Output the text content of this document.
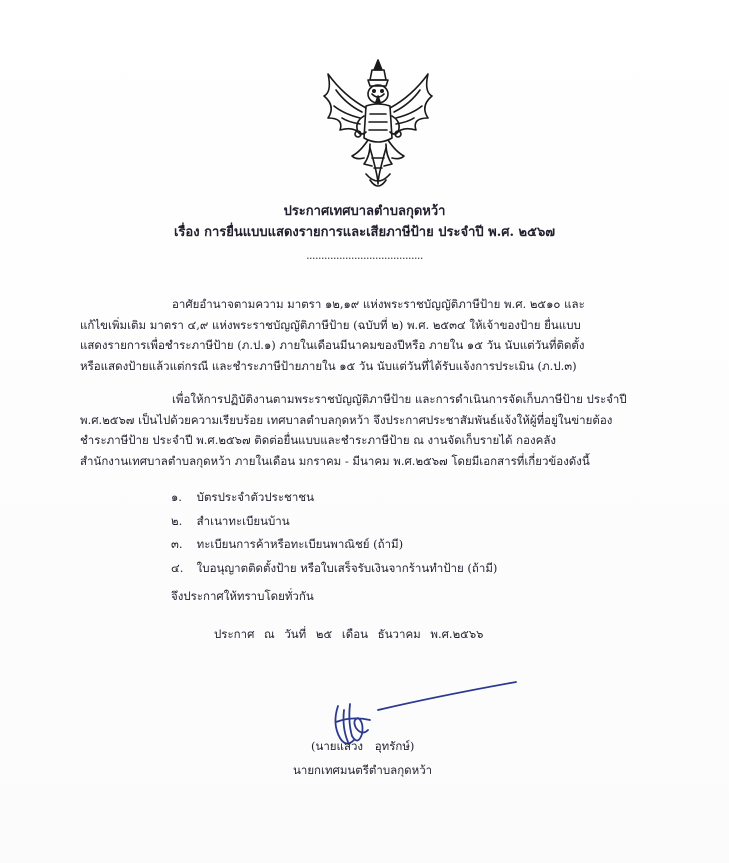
ประกาศเทศบาลตำบลกุดหว้า
เรื่อง การยื่นแบบแสดงรายการและเสียภาษีป้าย ประจำปี พ.ศ. ๒๕๖๗
.......................................
อาศัยอำนาจตามความ มาตรา ๑๒,๑๙ แห่งพระราชบัญญัติภาษีป้าย พ.ศ. ๒๕๑๐ และ
แก้ไขเพิ่มเติม มาตรา ๔,๙ แห่งพระราชบัญญัติภาษีป้าย (ฉบับที่ ๒) พ.ศ. ๒๕๓๔ ให้เจ้าของป้าย ยื่นแบบ
แสดงรายการเพื่อชำระภาษีป้าย (ภ.ป.๑) ภายในเดือนมีนาคมของปีหรือ ภายใน ๑๕ วัน นับแต่วันที่ติดตั้ง
หรือแสดงป้ายแล้วแต่กรณี และชำระภาษีป้ายภายใน ๑๕ วัน นับแต่วันที่ได้รับแจ้งการประเมิน (ภ.ป.๓)
เพื่อให้การปฏิบัติงานตามพระราชบัญญัติภาษีป้าย และการดำเนินการจัดเก็บภาษีป้าย ประจำปี
พ.ศ.๒๕๖๗ เป็นไปด้วยความเรียบร้อย เทศบาลตำบลกุดหว้า จึงประกาศประชาสัมพันธ์แจ้งให้ผู้ที่อยู่ในข่ายต้อง
ชำระภาษีป้าย ประจำปี พ.ศ.๒๕๖๗ ติดต่อยื่นแบบและชำระภาษีป้าย ณ งานจัดเก็บรายได้ กองคลัง
สำนักงานเทศบาลตำบลกุดหว้า ภายในเดือน มกราคม - มีนาคม พ.ศ.๒๕๖๗ โดยมีเอกสารที่เกี่ยวข้องดังนี้
๑. บัตรประจำตัวประชาชน
๒. สำเนาทะเบียนบ้าน
๓. ทะเบียนการค้าหรือทะเบียนพาณิชย์ (ถ้ามี)
๔. ใบอนุญาตติดตั้งป้าย หรือใบเสร็จรับเงินจากร้านทำป้าย (ถ้ามี)
จึงประกาศให้ทราบโดยทั่วกัน
ประกาศ ณ วันที่ ๒๕ เดือน ธันวาคม พ.ศ.๒๕๖๖
(นายแสวง อุทรักษ์)
นายกเทศมนตรีตำบลกุดหว้า
